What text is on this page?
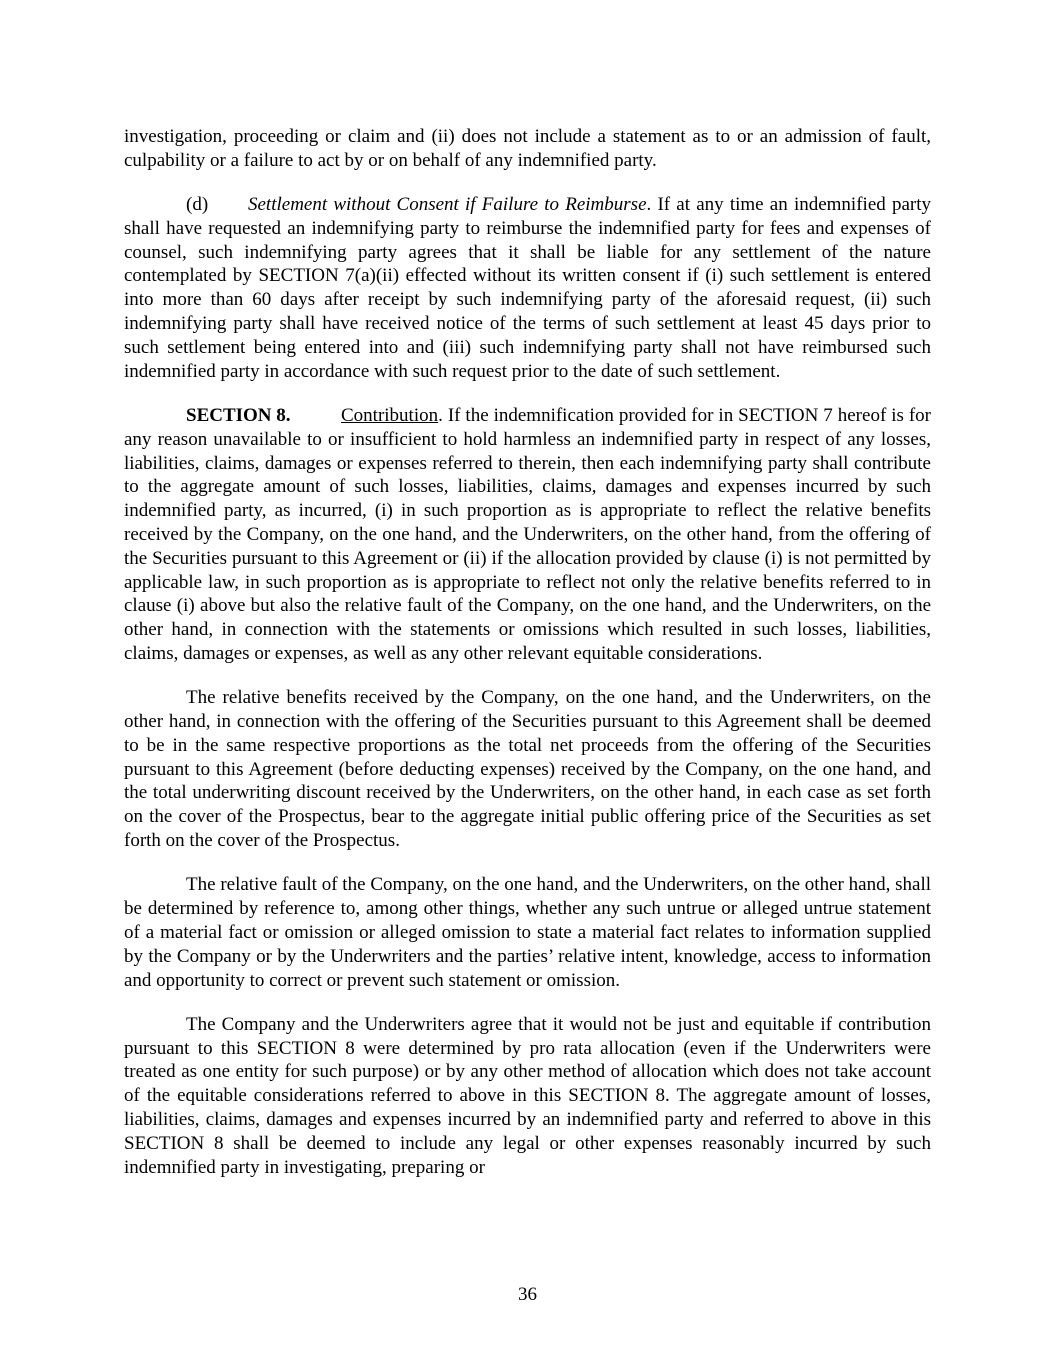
investigation, proceeding or claim and (ii) does not include a statement as to or an admission of fault, culpability or a failure to act by or on behalf of any indemnified party.

(d) Settlement without Consent if Failure to Reimburse. If at any time an indemnified party shall have requested an indemnifying party to reimburse the indemnified party for fees and expenses of counsel, such indemnifying party agrees that it shall be liable for any settlement of the nature contemplated by SECTION 7(a)(ii) effected without its written consent if (i) such settlement is entered into more than 60 days after receipt by such indemnifying party of the aforesaid request, (ii) such indemnifying party shall have received notice of the terms of such settlement at least 45 days prior to such settlement being entered into and (iii) such indemnifying party shall not have reimbursed such indemnified party in accordance with such request prior to the date of such settlement.

SECTION 8.	Contribution. If the indemnification provided for in SECTION 7 hereof is for any reason unavailable to or insufficient to hold harmless an indemnified party in respect of any losses, liabilities, claims, damages or expenses referred to therein, then each indemnifying party shall contribute to the aggregate amount of such losses, liabilities, claims, damages and expenses incurred by such indemnified party, as incurred, (i) in such proportion as is appropriate to reflect the relative benefits received by the Company, on the one hand, and the Underwriters, on the other hand, from the offering of the Securities pursuant to this Agreement or (ii) if the allocation provided by clause (i) is not permitted by applicable law, in such proportion as is appropriate to reflect not only the relative benefits referred to in clause (i) above but also the relative fault of the Company, on the one hand, and the Underwriters, on the other hand, in connection with the statements or omissions which resulted in such losses, liabilities, claims, damages or expenses, as well as any other relevant equitable considerations.

The relative benefits received by the Company, on the one hand, and the Underwriters, on the other hand, in connection with the offering of the Securities pursuant to this Agreement shall be deemed to be in the same respective proportions as the total net proceeds from the offering of the Securities pursuant to this Agreement (before deducting expenses) received by the Company, on the one hand, and the total underwriting discount received by the Underwriters, on the other hand, in each case as set forth on the cover of the Prospectus, bear to the aggregate initial public offering price of the Securities as set forth on the cover of the Prospectus.

The relative fault of the Company, on the one hand, and the Underwriters, on the other hand, shall be determined by reference to, among other things, whether any such untrue or alleged untrue statement of a material fact or omission or alleged omission to state a material fact relates to information supplied by the Company or by the Underwriters and the parties’ relative intent, knowledge, access to information and opportunity to correct or prevent such statement or omission.

The Company and the Underwriters agree that it would not be just and equitable if contribution pursuant to this SECTION 8 were determined by pro rata allocation (even if the Underwriters were treated as one entity for such purpose) or by any other method of allocation which does not take account of the equitable considerations referred to above in this SECTION 8. The aggregate amount of losses, liabilities, claims, damages and expenses incurred by an indemnified party and referred to above in this SECTION 8 shall be deemed to include any legal or other expenses reasonably incurred by such indemnified party in investigating, preparing or

36
